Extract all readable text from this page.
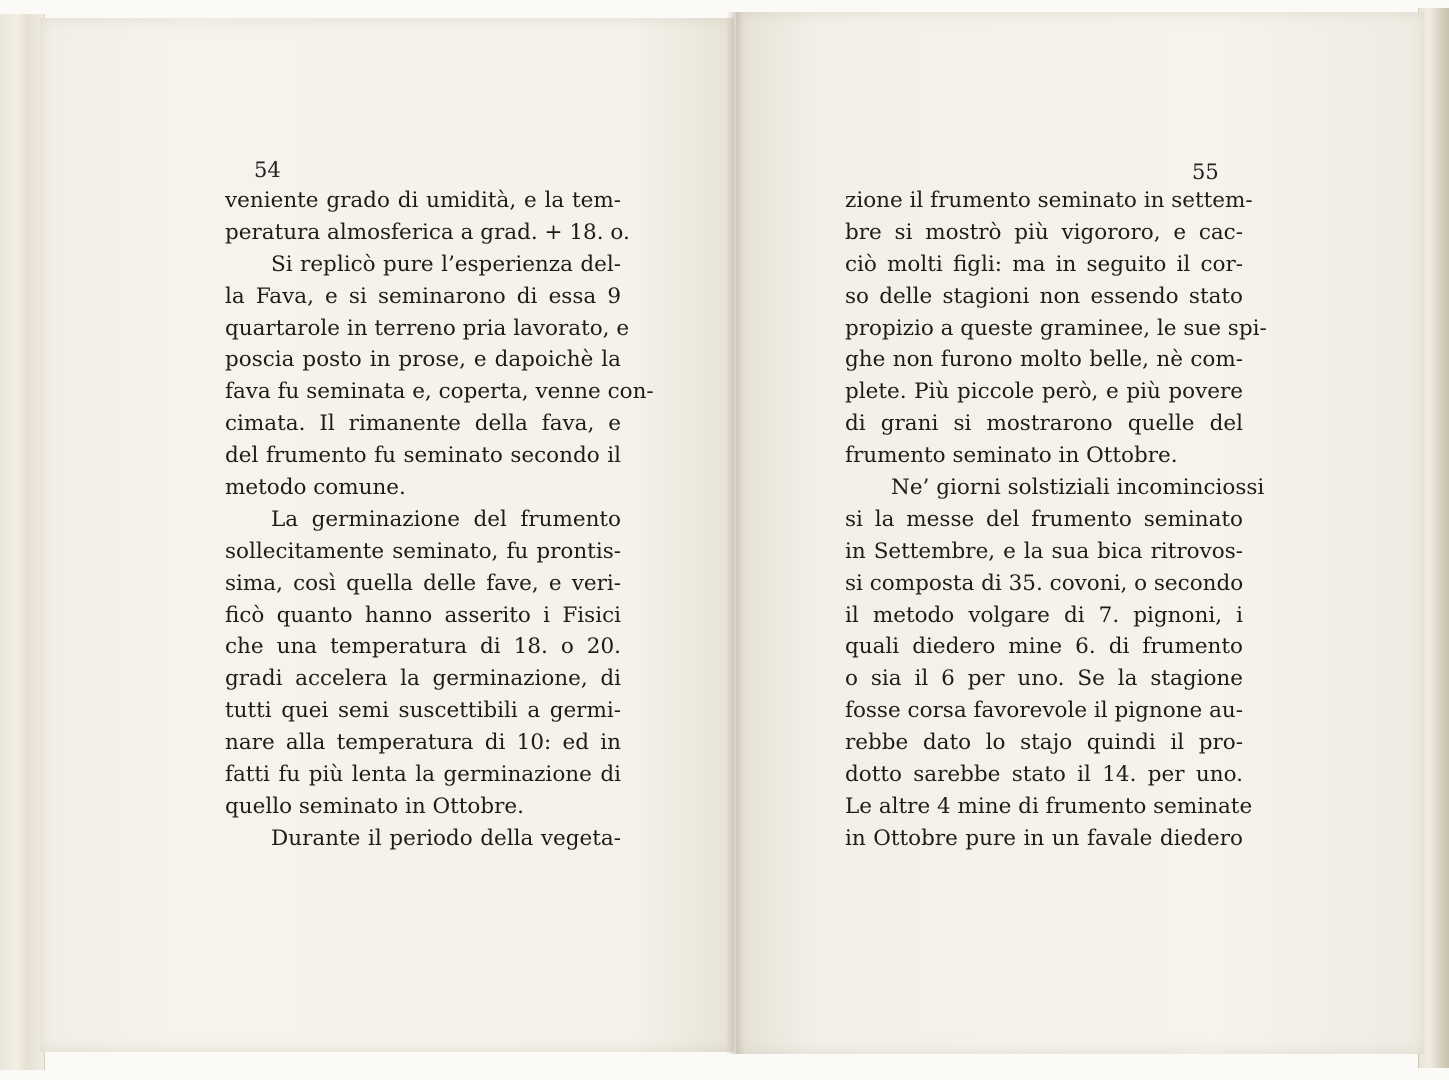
54	55
veniente grado di umidità, e la tem-
peratura almosferica a grad. + 18. o.
Si replicò pure l’esperienza del-
la Fava, e si seminarono di essa 9
quartarole in terreno pria lavorato, e
poscia posto in prose, e dapoichè la
fava fu seminata e, coperta, venne con-
cimata. Il rimanente della fava, e
del frumento fu seminato secondo il
metodo comune.
La germinazione del frumento
sollecitamente seminato, fu prontis-
sima, così quella delle fave, e veri-
ficò quanto hanno asserito i Fisici
che una temperatura di 18. o 20.
gradi accelera la germinazione, di
tutti quei semi suscettibili a germi-
nare alla temperatura di 10: ed in
fatti fu più lenta la germinazione di
quello seminato in Ottobre.
Durante il periodo della vegeta-
zione il frumento seminato in settem-
bre si mostrò più vigororo, e cac-
ciò molti figli: ma in seguito il cor-
so delle stagioni non essendo stato
propizio a queste graminee, le sue spi-
ghe non furono molto belle, nè com-
plete. Più piccole però, e più povere
di grani si mostrarono quelle del
frumento seminato in Ottobre.
Ne’ giorni solstiziali incominciossi
si la messe del frumento seminato
in Settembre, e la sua bica ritrovos-
si composta di 35. covoni, o secondo
il metodo volgare di 7. pignoni, i
quali diedero mine 6. di frumento
o sia il 6 per uno. Se la stagione
fosse corsa favorevole il pignone au-
rebbe dato lo stajo quindi il pro-
dotto sarebbe stato il 14. per uno.
Le altre 4 mine di frumento seminate
in Ottobre pure in un favale diedero
